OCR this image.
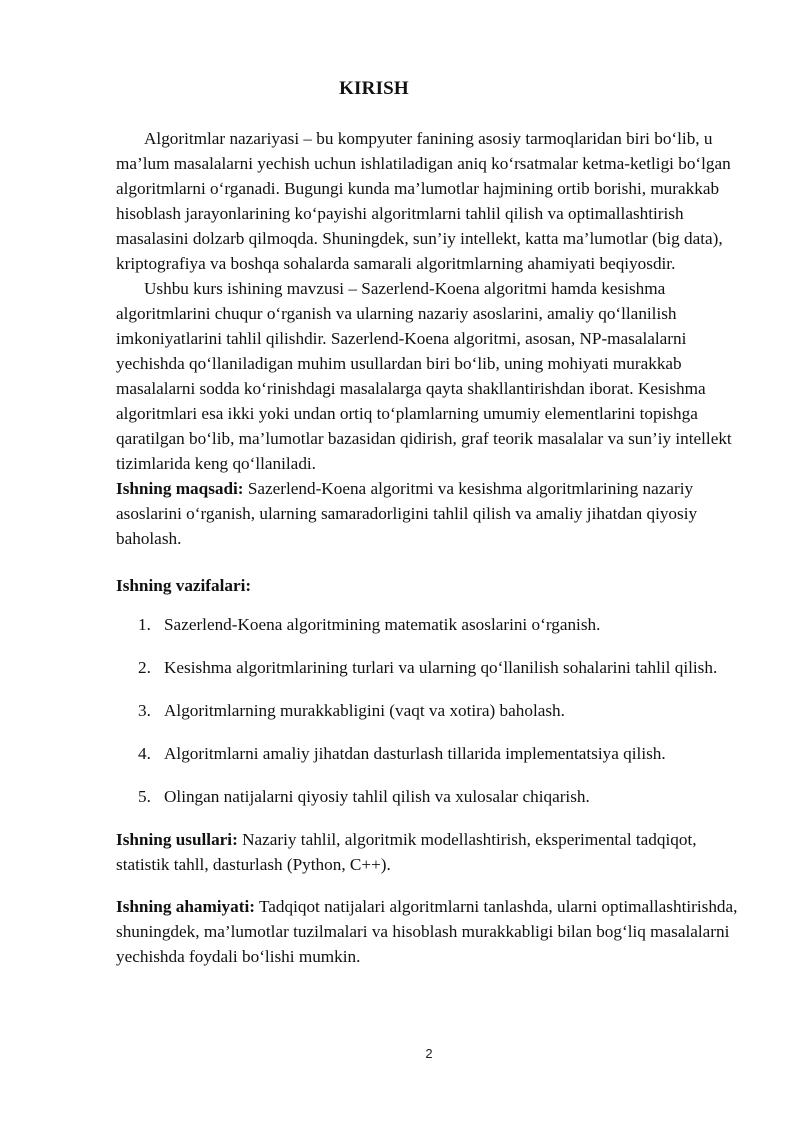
KIRISH

Algoritmlar nazariyasi – bu kompyuter fanining asosiy tarmoqlaridan biri bo‘lib, u ma’lum masalalarni yechish uchun ishlatiladigan aniq ko‘rsatmalar ketma-ketligi bo‘lgan algoritmlarni o‘rganadi. Bugungi kunda ma’lumotlar hajmining ortib borishi, murakkab hisoblash jarayonlarining ko‘payishi algoritmlarni tahlil qilish va optimallashtirish masalasini dolzarb qilmoqda. Shuningdek, sun’iy intellekt, katta ma’lumotlar (big data), kriptografiya va boshqa sohalarda samarali algoritmlarning ahamiyati beqiyosdir.

Ushbu kurs ishining mavzusi – Sazerlend-Koena algoritmi hamda kesishma algoritmlarini chuqur o‘rganish va ularning nazariy asoslarini, amaliy qo‘llanilish imkoniyatlarini tahlil qilishdir. Sazerlend-Koena algoritmi, asosan, NP-masalalarni yechishda qo‘llaniladigan muhim usullardan biri bo‘lib, uning mohiyati murakkab masalalarni sodda ko‘rinishdagi masalalarga qayta shakllantirishdan iborat. Kesishma algoritmlari esa ikki yoki undan ortiq to‘plamlarning umumiy elementlarini topishga qaratilgan bo‘lib, ma’lumotlar bazasidan qidirish, graf teorik masalalar va sun’iy intellekt tizimlarida keng qo‘llaniladi.

Ishning maqsadi: Sazerlend-Koena algoritmi va kesishma algoritmlarining nazariy asoslarini o‘rganish, ularning samaradorligini tahlil qilish va amaliy jihatdan qiyosiy baholash.

Ishning vazifalari:

1. Sazerlend-Koena algoritmining matematik asoslarini o‘rganish.
2. Kesishma algoritmlarining turlari va ularning qo‘llanilish sohalarini tahlil qilish.
3. Algoritmlarning murakkabligini (vaqt va xotira) baholash.
4. Algoritmlarni amaliy jihatdan dasturlash tillarida implementatsiya qilish.
5. Olingan natijalarni qiyosiy tahlil qilish va xulosalar chiqarish.

Ishning usullari: Nazariy tahlil, algoritmik modellashtirish, eksperimental tadqiqot, statistik tahll, dasturlash (Python, C++).

Ishning ahamiyati: Tadqiqot natijalari algoritmlarni tanlashda, ularni optimallashtirishda, shuningdek, ma’lumotlar tuzilmalari va hisoblash murakkabligi bilan bog‘liq masalalarni yechishda foydali bo‘lishi mumkin.

2
